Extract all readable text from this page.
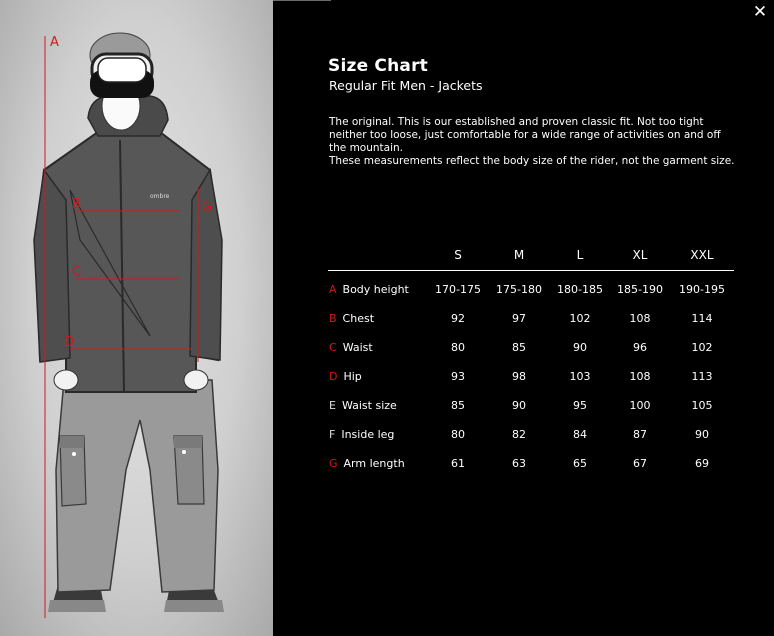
ombre
A
B
C
D
G
✕
Size Chart
Regular Fit Men - Jackets

The original. This is our established and proven classic fit. Not too tight neither too loose, just comfortable for a wide range of activities on and off the mountain.

These measurements reflect the body size of the rider, not the garment size.

	S	M	L	XL	XXL
A Body height	170-175	175-180	180-185	185-190	190-195
B Chest	92	97	102	108	114
C Waist	80	85	90	96	102
D Hip	93	98	103	108	113
E Waist size	85	90	95	100	105
F Inside leg	80	82	84	87	90
G Arm length	61	63	65	67	69
